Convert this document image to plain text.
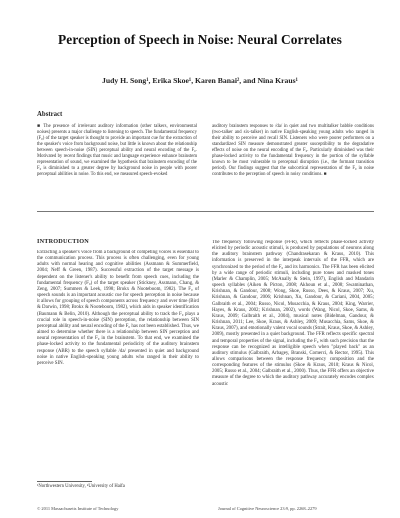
Perception of Speech in Noise: Neural Correlates
Judy H. Song¹, Erika Skoe¹, Karen Banai², and Nina Kraus¹
Abstract
■ The presence of irrelevant auditory information (other talkers, environmental noises) presents a major challenge to listening to speech. The fundamental frequency (F₀) of the target speaker is thought to provide an important cue for the extraction of the speaker's voice from background noise, but little is known about the relationship between speech-in-noise (SIN) perceptual ability and neural encoding of the F₀. Motivated by recent findings that music and language experience enhance brainstem representation of sound, we examined the hypothesis that brainstem encoding of the F₀ is diminished to a greater degree by background noise in people with poorer perceptual abilities in noise. To this end, we measured speech-evoked
auditory brainstem responses to /da/ in quiet and two multitalker babble conditions (two-talker and six-talker) in native English-speaking young adults who ranged in their ability to perceive and recall SIN. Listeners who were poorer performers on a standardized SIN measure demonstrated greater susceptibility to the degradative effects of noise on the neural encoding of the F₀. Particularly diminished was their phase-locked activity to the fundamental frequency in the portion of the syllable known to be most vulnerable to perceptual disruption (i.e., the formant transition period). Our findings suggest that the subcortical representation of the F₀ in noise contributes to the perception of speech in noisy conditions. ■
INTRODUCTION
Extracting a speaker's voice from a background of competing voices is essential to the communication process. This process is often challenging, even for young adults with normal hearing and cognitive abilities (Assmann & Summerfield, 2004; Neff & Green, 1987). Successful extraction of the target message is dependent on the listener's ability to benefit from speech cues, including the fundamental frequency (F₀) of the target speaker (Stickney, Assmann, Chang, & Zeng, 2007; Summers & Leek, 1998; Brokx & Nooteboom, 1982). The F₀ of speech sounds is an important acoustic cue for speech perception in noise because it allows for grouping of speech components across frequency and over time (Bird & Darwin, 1998; Brokx & Nooteboom, 1982), which aids in speaker identification (Baumann & Belin, 2010). Although the perceptual ability to track the F₀ plays a crucial role in speech-in-noise (SIN) perception, the relationship between SIN perceptual ability and neural encoding of the F₀ has not been established. Thus, we aimed to determine whether there is a relationship between SIN perception and neural representation of the F₀ in the brainstem. To that end, we examined the phase-locked activity to the fundamental periodicity of the auditory brainstem response (ABR) to the speech syllable /da/ presented in quiet and background noise in native English-speaking young adults who ranged in their ability to perceive SIN.
The frequency following response (FFR), which reflects phase-locked activity elicited by periodic acoustic stimuli, is produced by populations of neurons along the auditory brainstem pathway (Chandrasekaran & Kraus, 2010). This information is preserved in the interpeak intervals of the FFR, which are synchronized to the period of the F₀ and its harmonics. The FFR has been elicited by a wide range of periodic stimuli, including pure tones and masked tones (Marler & Champlin, 2005; McAnally & Stein, 1997), English and Mandarin speech syllables (Aiken & Picton, 2008; Akhoun et al., 2008; Swaminathan, Krishnan, & Gandour, 2008; Wong, Skoe, Russo, Dees, & Kraus, 2007; Xu, Krishnan, & Gandour, 2006; Krishnan, Xu, Gandour, & Cariani, 2004, 2005; Galbraith et al., 2004; Russo, Nicol, Musacchia, & Kraus, 2004; King, Warrier, Hayes, & Kraus, 2002; Krishnan, 2002), words (Wang, Nicol, Skoe, Sams, & Kraus, 2009; Galbraith et al., 2004), musical notes (Bidelman, Gandour, & Krishnan, 2011; Lee, Skoe, Kraus, & Ashley, 2009; Musacchia, Sams, Skoe, & Kraus, 2007), and emotionally valent vocal sounds (Strait, Kraus, Skoe, & Ashley, 2009), mostly presented in a quiet background. The FFR reflects specific spectral and temporal properties of the signal, including the F₀ with such precision that the response can be recognized as intelligible speech when "played back" as an auditory stimulus (Galbraith, Arbagey, Branski, Comerci, & Rector, 1995). This allows comparisons between the response frequency composition and the corresponding features of the stimulus (Skoe & Kraus, 2010; Kraus & Nicol, 2005; Russo et al., 2004; Galbraith et al., 2000). Thus, the FFR offers an objective measure of the degree to which the auditory pathway accurately encodes complex acoustic
¹Northwestern University, ²University of Haifa
© 2011 Massachusetts Institute of Technology	Journal of Cognitive Neuroscience 23:9, pp. 2268–2279
